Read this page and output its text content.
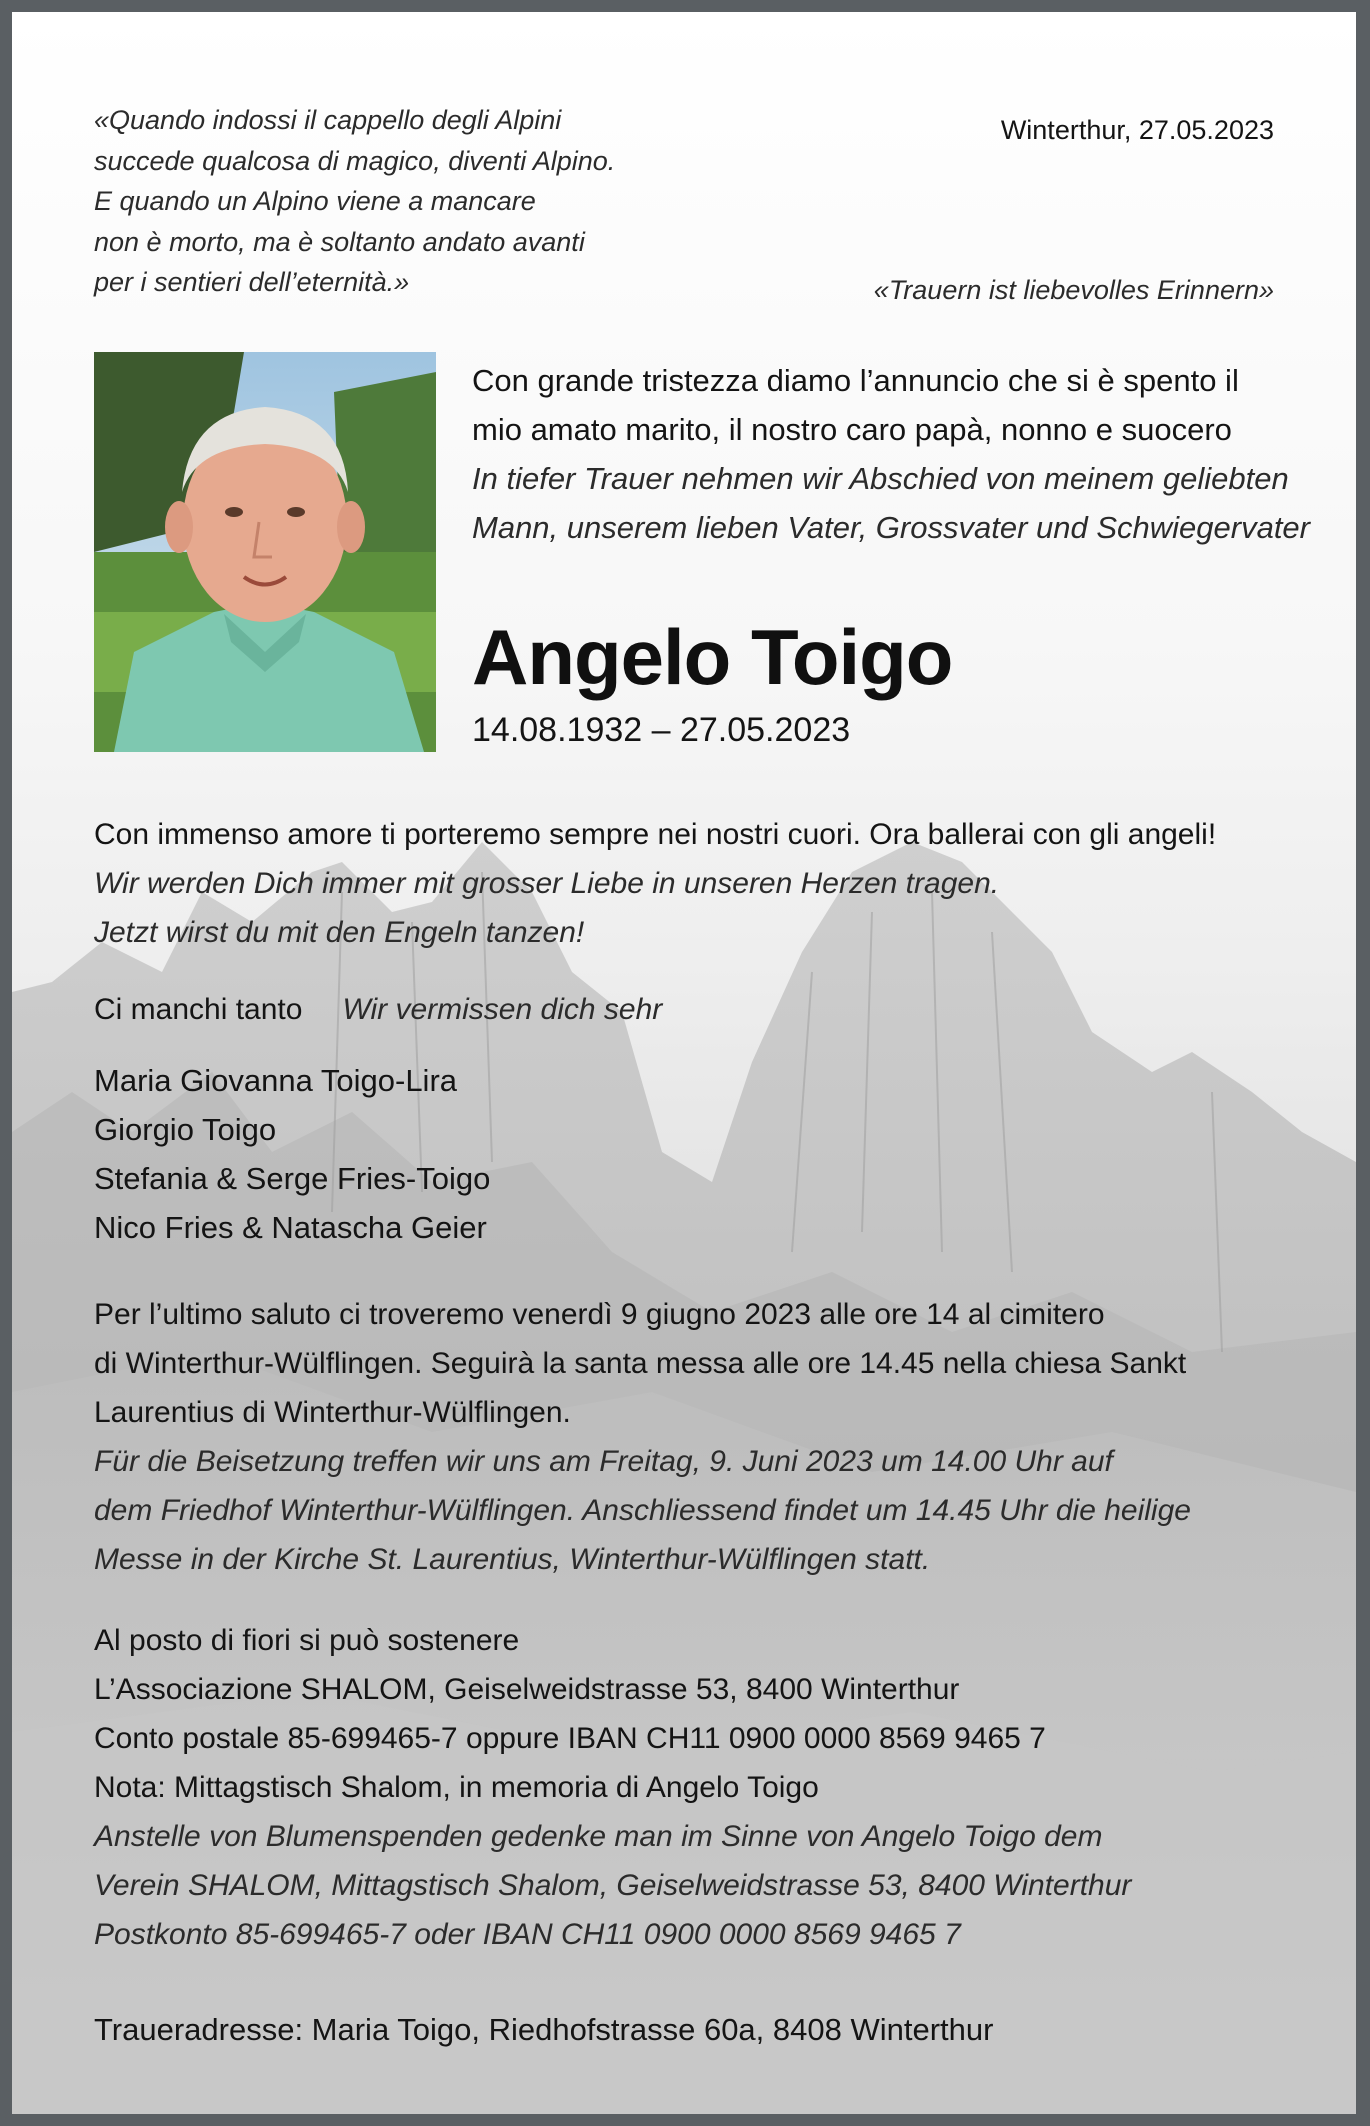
«Quando indossi il cappello degli Alpini
succede qualcosa di magico, diventi Alpino.
E quando un Alpino viene a mancare
non è morto, ma è soltanto andato avanti
per i sentieri dell’eternità.»
Winterthur, 27.05.2023
«Trauern ist liebevolles Erinnern»
Con grande tristezza diamo l’annuncio che si è spento il
mio amato marito, il nostro caro papà, nonno e suocero
In tiefer Trauer nehmen wir Abschied von meinem geliebten
Mann, unserem lieben Vater, Grossvater und Schwiegervater
Angelo Toigo
14.08.1932 – 27.05.2023
Con immenso amore ti porteremo sempre nei nostri cuori. Ora ballerai con gli angeli!
Wir werden Dich immer mit grosser Liebe in unseren Herzen tragen.
Jetzt wirst du mit den Engeln tanzen!
Ci manchi tanto Wir vermissen dich sehr
Maria Giovanna Toigo-Lira
Giorgio Toigo
Stefania & Serge Fries-Toigo
Nico Fries & Natascha Geier
Per l’ultimo saluto ci troveremo venerdì 9 giugno 2023 alle ore 14 al cimitero
di Winterthur-Wülflingen. Seguirà la santa messa alle ore 14.45 nella chiesa Sankt
Laurentius di Winterthur-Wülflingen.
Für die Beisetzung treffen wir uns am Freitag, 9. Juni 2023 um 14.00 Uhr auf
dem Friedhof Winterthur-Wülflingen. Anschliessend findet um 14.45 Uhr die heilige
Messe in der Kirche St. Laurentius, Winterthur-Wülflingen statt.
Al posto di fiori si può sostenere
L’Associazione SHALOM, Geiselweidstrasse 53, 8400 Winterthur
Conto postale 85-699465-7 oppure IBAN CH11 0900 0000 8569 9465 7
Nota: Mittagstisch Shalom, in memoria di Angelo Toigo
Anstelle von Blumenspenden gedenke man im Sinne von Angelo Toigo dem
Verein SHALOM, Mittagstisch Shalom, Geiselweidstrasse 53, 8400 Winterthur
Postkonto 85-699465-7 oder IBAN CH11 0900 0000 8569 9465 7
Traueradresse: Maria Toigo, Riedhofstrasse 60a, 8408 Winterthur
